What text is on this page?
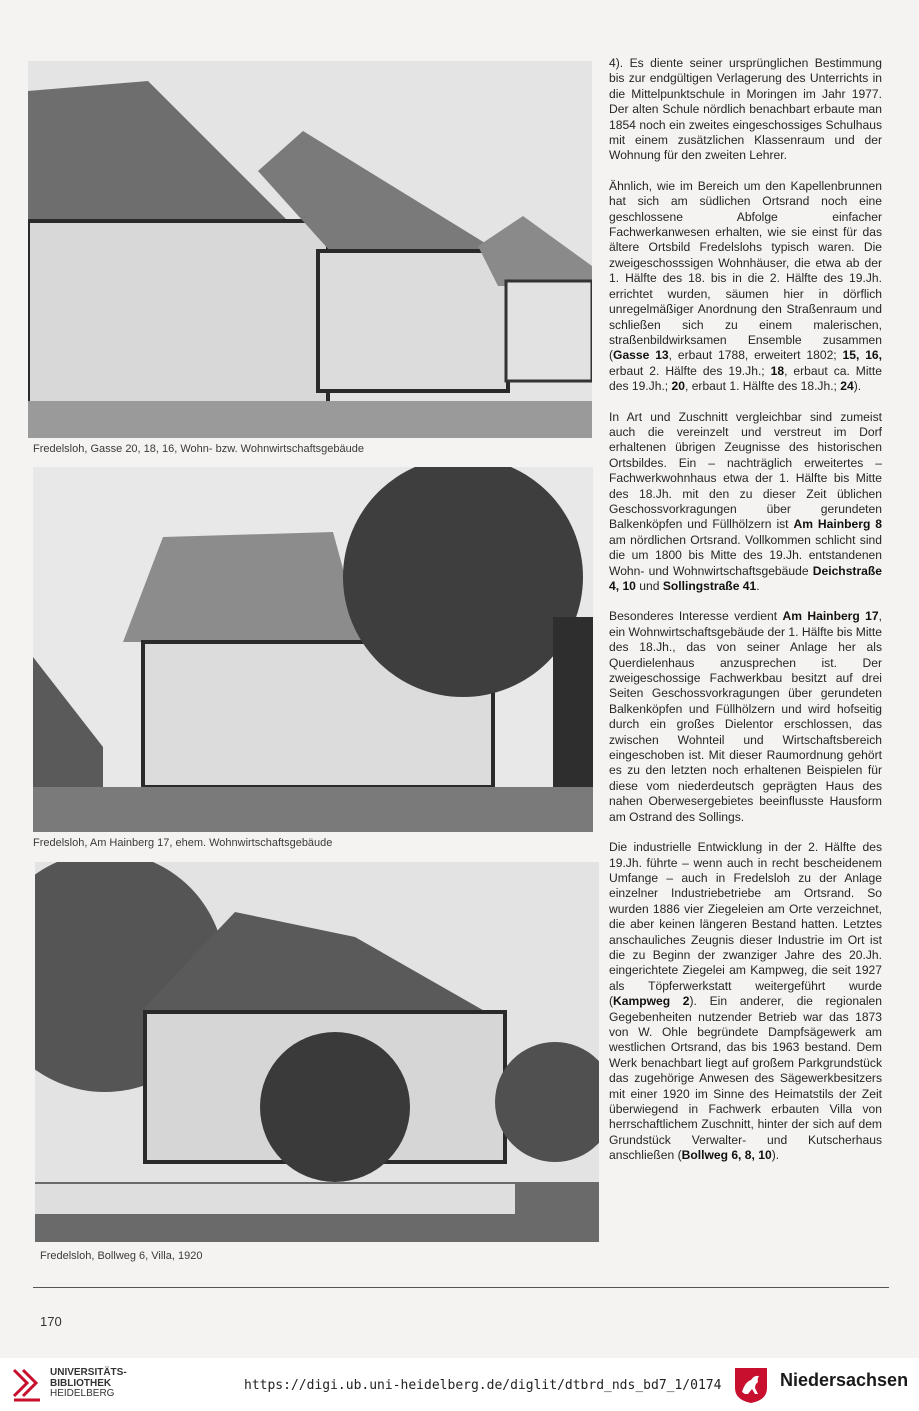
Fredelsloh, Gasse 20, 18, 16, Wohn- bzw. Wohnwirtschaftsgebäude
Fredelsloh, Am Hainberg 17, ehem. Wohnwirtschaftsgebäude
Fredelsloh, Bollweg 6, Villa, 1920

4). Es diente seiner ursprünglichen Bestimmung bis zur endgültigen Verlagerung des Unterrichts in die Mittelpunktschule in Moringen im Jahr 1977. Der alten Schule nördlich benachbart erbaute man 1854 noch ein zweites eingeschossiges Schulhaus mit einem zusätzlichen Klassenraum und der Wohnung für den zweiten Lehrer.

Ähnlich, wie im Bereich um den Kapellenbrunnen hat sich am südlichen Ortsrand noch eine geschlossene Abfolge einfacher Fachwerkanwesen erhalten, wie sie einst für das ältere Ortsbild Fredelslohs typisch waren. Die zweigeschosssigen Wohnhäuser, die etwa ab der 1. Hälfte des 18. bis in die 2. Hälfte des 19.Jh. errichtet wurden, säumen hier in dörflich unregelmäßiger Anordnung den Straßenraum und schließen sich zu einem malerischen, straßenbildwirksamen Ensemble zusammen (Gasse 13, erbaut 1788, erweitert 1802; 15, 16, erbaut 2. Hälfte des 19.Jh.; 18, erbaut ca. Mitte des 19.Jh.; 20, erbaut 1. Hälfte des 18.Jh.; 24).

In Art und Zuschnitt vergleichbar sind zumeist auch die vereinzelt und verstreut im Dorf erhaltenen übrigen Zeugnisse des historischen Ortsbildes. Ein – nachträglich erweitertes – Fachwerkwohnhaus etwa der 1. Hälfte bis Mitte des 18.Jh. mit den zu dieser Zeit üblichen Geschossvorkragungen über gerundeten Balkenköpfen und Füllhölzern ist Am Hainberg 8 am nördlichen Ortsrand. Vollkommen schlicht sind die um 1800 bis Mitte des 19.Jh. entstandenen Wohn- und Wohnwirtschaftsgebäude Deichstraße 4, 10 und Sollingstraße 41.

Besonderes Interesse verdient Am Hainberg 17, ein Wohnwirtschaftsgebäude der 1. Hälfte bis Mitte des 18.Jh., das von seiner Anlage her als Querdielenhaus anzusprechen ist. Der zweigeschossige Fachwerkbau besitzt auf drei Seiten Geschossvorkragungen über gerundeten Balkenköpfen und Füllhölzern und wird hofseitig durch ein großes Dielentor erschlossen, das zwischen Wohnteil und Wirtschaftsbereich eingeschoben ist. Mit dieser Raumordnung gehört es zu den letzten noch erhaltenen Beispielen für diese vom niederdeutsch geprägten Haus des nahen Oberwesergebietes beeinflusste Hausform am Ostrand des Sollings.

Die industrielle Entwicklung in der 2. Hälfte des 19.Jh. führte – wenn auch in recht bescheidenem Umfange – auch in Fredelsloh zu der Anlage einzelner Industriebetriebe am Ortsrand. So wurden 1886 vier Ziegeleien am Orte verzeichnet, die aber keinen längeren Bestand hatten. Letztes anschauliches Zeugnis dieser Industrie im Ort ist die zu Beginn der zwanziger Jahre des 20.Jh. eingerichtete Ziegelei am Kampweg, die seit 1927 als Töpferwerkstatt weitergeführt wurde (Kampweg 2). Ein anderer, die regionalen Gegebenheiten nutzender Betrieb war das 1873 von W. Ohle begründete Dampfsägewerk am westlichen Ortsrand, das bis 1963 bestand. Dem Werk benachbart liegt auf großem Parkgrundstück das zugehörige Anwesen des Sägewerkbesitzers mit einer 1920 im Sinne des Heimatstils der Zeit überwiegend in Fachwerk erbauten Villa von herrschaftlichem Zuschnitt, hinter der sich auf dem Grundstück Verwalter- und Kutscherhaus anschließen (Bollweg 6, 8, 10).

170
UNIVERSITÄTS-
BIBLIOTHEK
HEIDELBERG
https://digi.ub.uni-heidelberg.de/diglit/dtbrd_nds_bd7_1/0174	Niedersachsen
